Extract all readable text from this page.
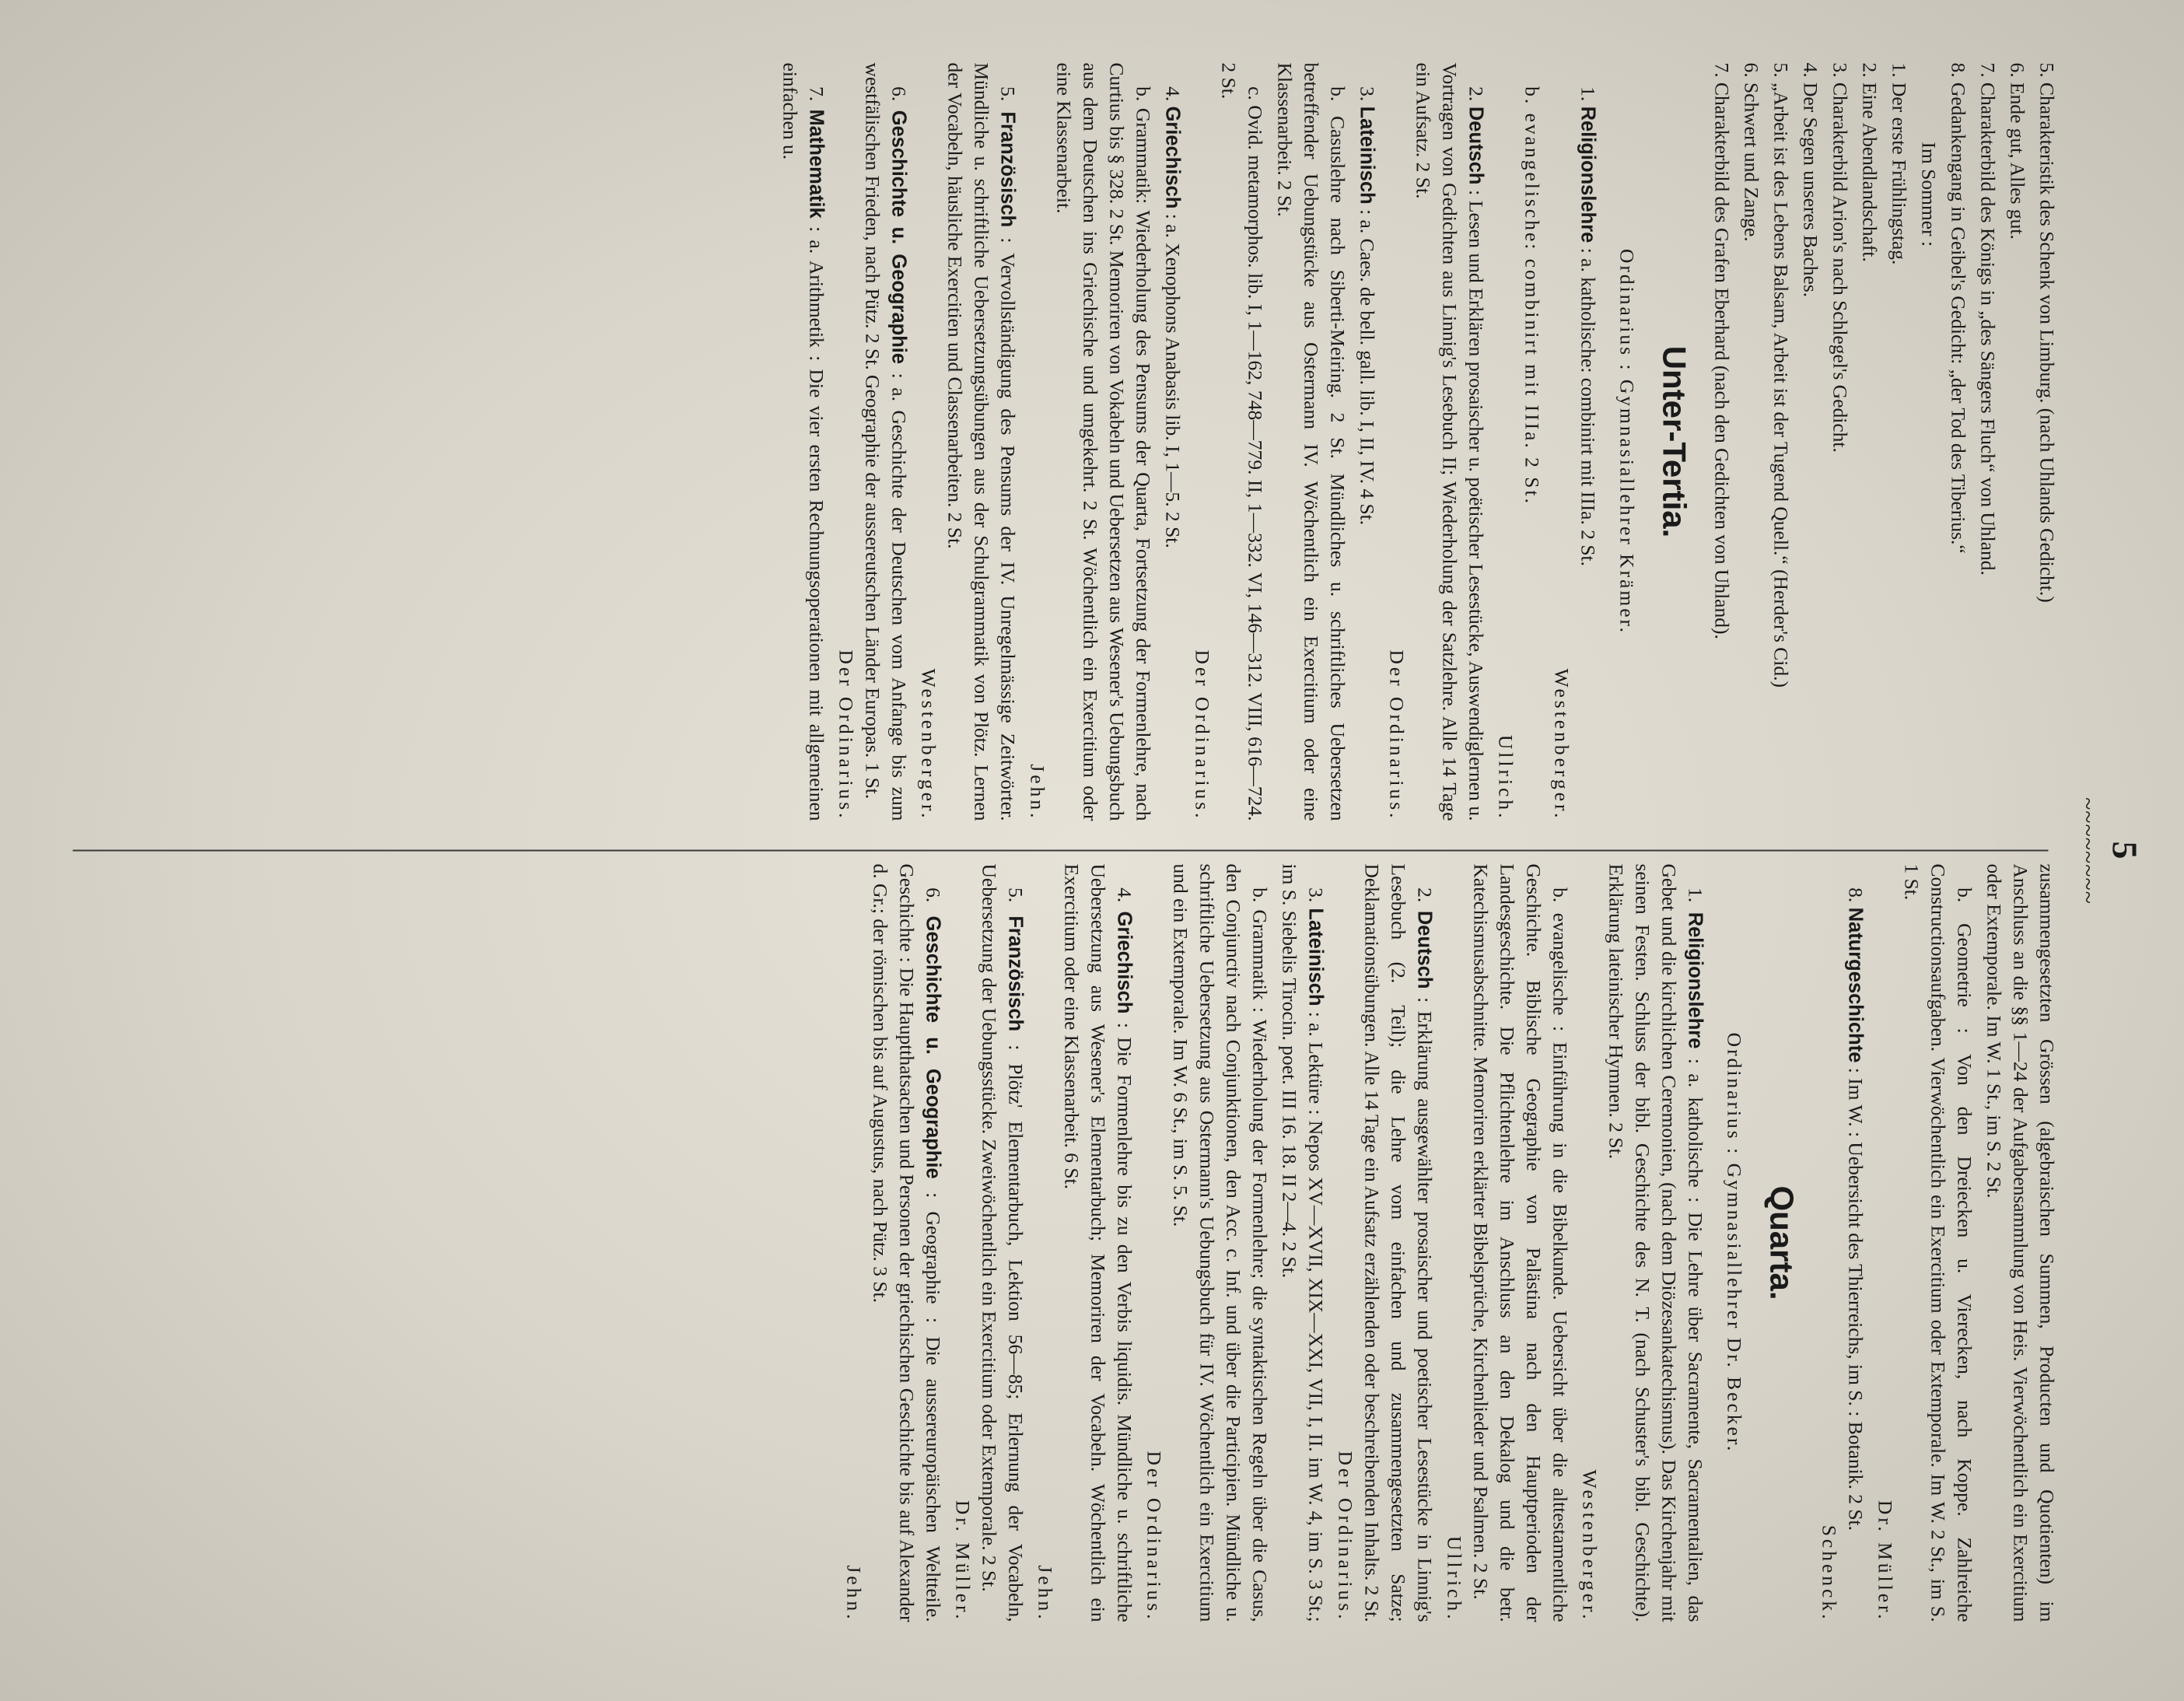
5

~~~~~~~~

5. Charakteristik des Schenk von Limburg. (nach Uhlands Gedicht.)

6. Ende gut, Alles gut.

7. Charakterbild des Königs in „des Sängers Fluch“ von Uhland.

8. Gedankengang in Geibel's Gedicht: „der Tod des Tiberius.“

Im Sommer :

1. Der erste Frühlingstag.

2. Eine Abendlandschaft.

3. Charakterbild Arion's nach Schlegel's Gedicht.

4. Der Segen unseres Baches.

5. „Arbeit ist des Lebens Balsam, Arbeit ist der Tugend Quell.“ (Herder's Cid.)

6. Schwert und Zange.

7. Charakterbild des Grafen Eberhard (nach den Gedichten von Uhland).

Unter-Tertia.

Ordinarius : Gymnasiallehrer Krämer.

1. Religionslehre : a. katholische: combinirt mit IIIa. 2 St.
Westenberger.

b. evangelische: combinirt mit IIIa. 2 St.
Ullrich.

2. Deutsch : Lesen und Erklären prosaischer u. poëtischer Lesestücke, Auswendiglernen u. Vortragen von Gedichten aus Linnig's Lesebuch II; Wiederholung der Satzlehre. Alle 14 Tage ein Aufsatz. 2 St.
Der Ordinarius.

3. Lateinisch : a. Caes. de bell. gall. lib. I, II, IV. 4 St.

b. Casuslehre nach Siberti-Meiring. 2 St. Mündliches u. schriftliches Uebersetzen betreffender Uebungstücke aus Ostermann IV. Wöchentlich ein Exercitium oder eine Klassenarbeit. 2 St.

c. Ovid. metamorphos. lib. I, 1—162, 748—779. II, 1—332. VI, 146—312. VIII, 616—724. 2 St.
Der Ordinarius.

4. Griechisch : a. Xenophons Anabasis lib. I, 1—5. 2 St.

b. Grammatik: Wiederholung des Pensums der Quarta, Fortsetzung der Formenlehre, nach Curtius bis § 328. 2 St. Memoriren von Vokabeln und Uebersetzen aus Wesener's Uebungsbuch aus dem Deutschen ins Griechische und umgekehrt. 2 St. Wöchentlich ein Exercitium oder eine Klassenarbeit.
Jehn.

5. Französisch : Vervollständigung des Pensums der IV. Unregelmässige Zeitwörter. Mündliche u. schriftliche Uebersetzungsübungen aus der Schulgrammatik von Plötz. Lernen der Vocabeln, häusliche Exercitien und Classenarbeiten. 2 St.
Westenberger.

6. Geschichte u. Geographie : a. Geschichte der Deutschen vom Anfange bis zum westfälischen Frieden, nach Pütz. 2 St. Geographie der aussereutschen Länder Europas. 1 St.
Der Ordinarius.

7. Mathematik : a. Arithmetik : Die vier ersten Rechnungsoperationen mit allgemeinen einfachen u.

zusammengesetzten Grössen (algebraischen Summen, Producten und Quotienten) im Anschluss an die §§ 1—24 der Aufgabensammlung von Heis. Vierwöchentlich ein Exercitium oder Extemporale. Im W. 1 St., im S. 2 St.

b. Geometrie : Von den Dreiecken u. Vierecken, nach Koppe. Zahlreiche Constructionsaufgaben. Vierwöchentlich ein Exercitium oder Extemporale. Im W. 2 St., im S. 1 St.
Dr. Müller.

8. Naturgeschichte : Im W. : Uebersicht des Thierreichs, im S. : Botanik. 2 St.
Schenck.

Quarta.

Ordinarius : Gymnasiallehrer Dr. Becker.

1. Religionslehre : a. katholische : Die Lehre über Sacramente, Sacramentalien, das Gebet und die kirchlichen Ceremonien, (nach dem Diözesankatechismus). Das Kirchenjahr mit seinen Festen. Schluss der bibl. Geschichte des N. T. (nach Schuster's bibl. Geschichte). Erklärung lateinischer Hymnen. 2 St.
Westenberger.

b. evangelische : Einführung in die Bibelkunde. Uebersicht über die alttestamentliche Geschichte. Biblische Geographie von Palästina nach den Hauptperioden der Landesgeschichte. Die Pflichtenlehre im Anschluss an den Dekalog und die betr. Katechismusabschnitte. Memoriren erklärter Bibelsprüche, Kirchenlieder und Psalmen. 2 St.
Ullrich.

2. Deutsch : Erklärung ausgewählter prosaischer und poetischer Lesestücke in Linnig's Lesebuch (2. Teil); die Lehre vom einfachen und zusammengesetzten Satze; Deklamationsübungen. Alle 14 Tage ein Aufsatz erzählenden oder beschreibenden Inhalts. 2 St.
Der Ordinarius.

3. Lateinisch : a. Lektüre : Nepos XV—XVII, XIX—XXI, VII, I, II. im W. 4, im S. 3 St.; im S. Siebelis Tirocin. poet. III 16. 18. II 2—4. 2 St.

b. Grammatik : Wiederholung der Formenlehre; die syntaktischen Regeln über die Casus, den Conjunctiv nach Conjunktionen, den Acc. c. Inf. und über die Participien. Mündliche u. schriftliche Uebersetzung aus Ostermann's Uebungsbuch für IV. Wöchentlich ein Exercitium und ein Extemporale. Im W. 6 St., im S. 5. St.
Der Ordinarius.

4. Griechisch : Die Formenlehre bis zu den Verbis liquidis. Mündliche u. schriftliche Uebersetzung aus Wesener's Elementarbuch; Memoriren der Vocabeln. Wöchentlich ein Exercitium oder eine Klassenarbeit. 6 St.
Jehn.

5. Französisch : Plötz' Elementarbuch, Lektion 56—85; Erlernung der Vocabeln, Uebersetzung der Uebungsstücke. Zweiwöchentlich ein Exercitium oder Extemporale. 2 St.
Dr. Müller.

6. Geschichte u. Geographie : Geographie : Die aussereuropäischen Weltteile. Geschichte : Die Hauptthatsachen und Personen der griechischen Geschichte bis auf Alexander d. Gr.; der römischen bis auf Augustus, nach Pütz. 3 St.
Jehn.
